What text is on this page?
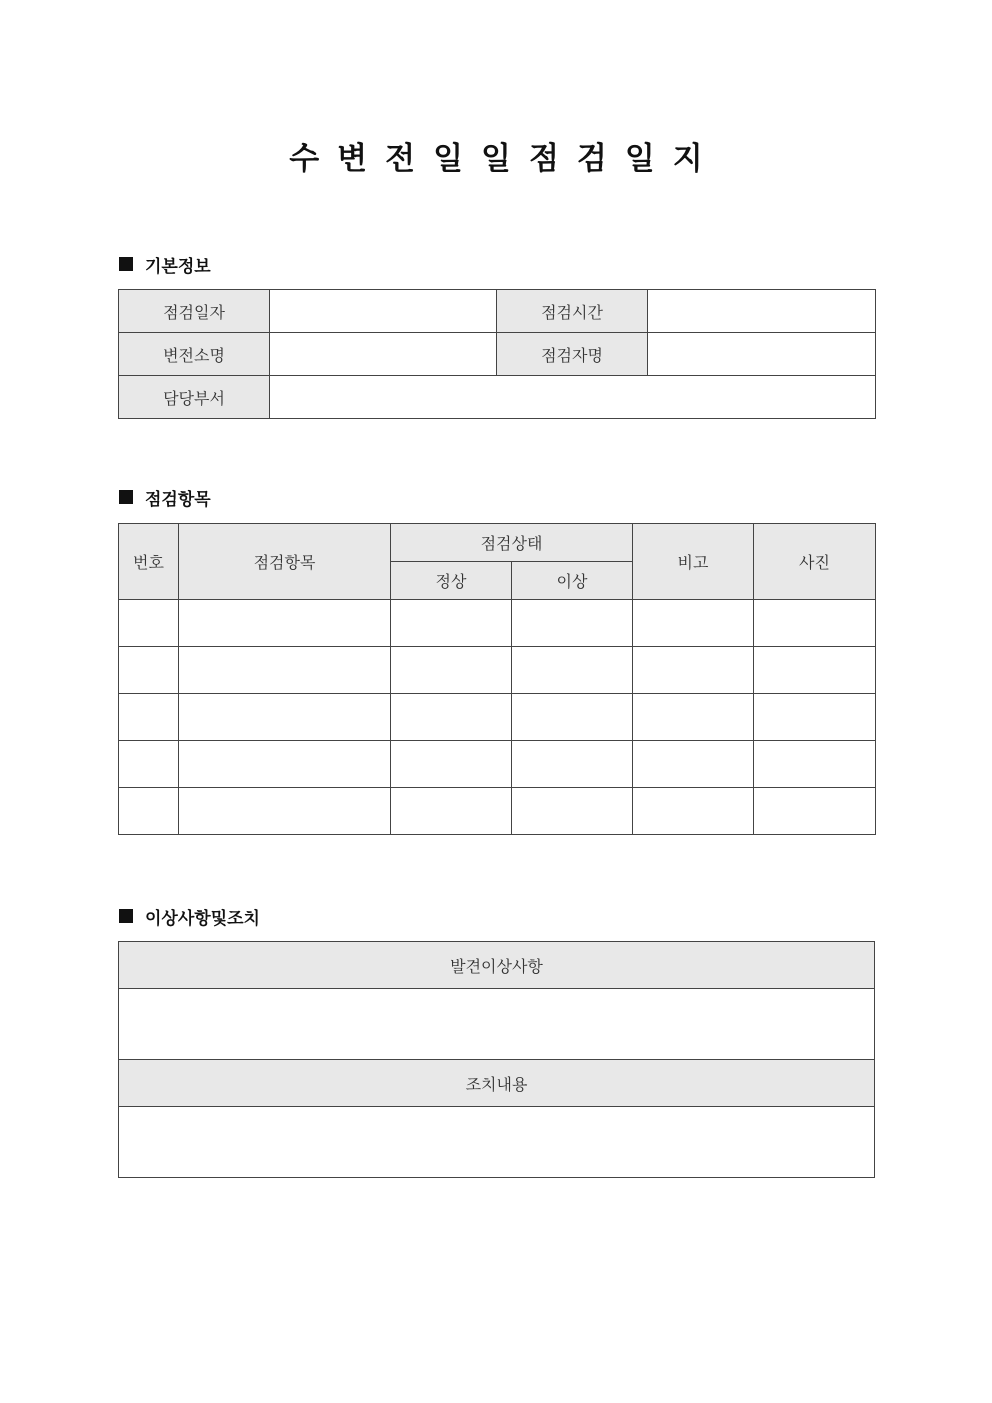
수변전일일점검일지
기본정보
점검일자		점검시간	
변전소명		점검자명	
담당부서			
점검항목
번호	점검항목	점검상태		비고	사진
		정상	이상		

이상사항및조치
발견이상사항

조치내용
